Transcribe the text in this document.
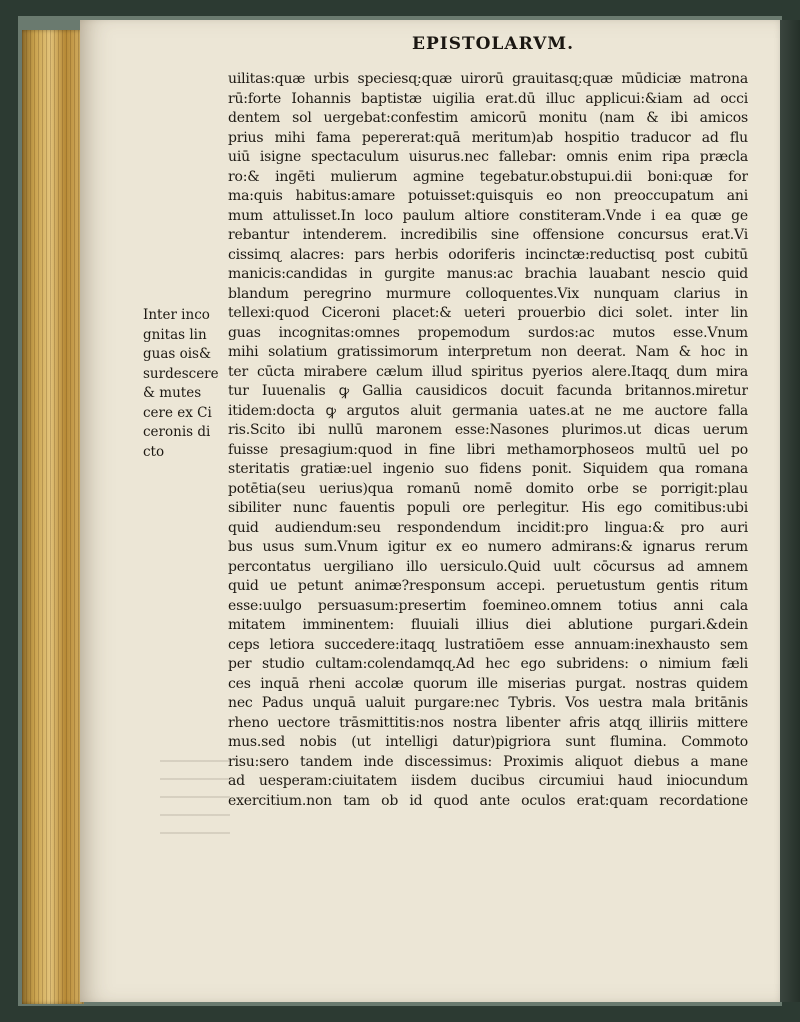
EPISTOLARVM.
Inter inco
gnitas lin
guas ois&
surdescere
& mutes
cere ex Ci
ceronis di
cto
uilitas:quæ urbis speciesɋ:quæ uirorū grauitasɋ:quæ mūdiciæ matrona
rū:forte Iohannis baptistæ uigilia erat.dū illuc applicui:&iam ad occi
dentem sol uergebat:confestim amicorū monitu (nam & ibi amicos
prius mihi fama pepererat:quā meritum)ab hospitio traducor ad flu
uiū isigne spectaculum uisurus.nec fallebar: omnis enim ripa præcla
ro:& ingēti mulierum agmine tegebatur.obstupui.dii boni:quæ for
ma:quis habitus:amare potuisset:quisquis eo non preoccupatum ani
mum attulisset.In loco paulum altiore constiteram.Vnde i ea quæ ge
rebantur intenderem. incredibilis sine offensione concursus erat.Vi
cissimɋ alacres: pars herbis odoriferis incinctæ:reductisɋ post cubitū
manicis:candidas in gurgite manus:ac brachia lauabant nescio quid
blandum peregrino murmure colloquentes.Vix nunquam clarius in
tellexi:quod Ciceroni placet:& ueteri prouerbio dici solet. inter lin
guas incognitas:omnes propemodum surdos:ac mutos esse.Vnum
mihi solatium gratissimorum interpretum non deerat. Nam & hoc in
ter cūcta mirabere cælum illud spiritus pyerios alere.Itaqɋ dum mira
tur Iuuenalis ꝙ Gallia causidicos docuit facunda britannos.miretur
itidem:docta ꝙ argutos aluit germania uates.at ne me auctore falla
ris.Scito ibi nullū maronem esse:Nasones plurimos.ut dicas uerum
fuisse presagium:quod in fine libri methamorphoseos multū uel po
steritatis gratiæ:uel ingenio suo fidens ponit. Siquidem qua romana
potētia(seu uerius)qua romanū nomē domito orbe se porrigit:plau
sibiliter nunc fauentis populi ore perlegitur. His ego comitibus:ubi
quid audiendum:seu respondendum incidit:pro lingua:& pro auri
bus usus sum.Vnum igitur ex eo numero admirans:& ignarus rerum
percontatus uergiliano illo uersiculo.Quid uult cōcursus ad amnem
quid ue petunt animæ?responsum accepi. peruetustum gentis ritum
esse:uulgo persuasum:presertim foemineo.omnem totius anni cala
mitatem imminentem: fluuiali illius diei ablutione purgari.&dein
ceps letiora succedere:itaqɋ lustratiōem esse annuam:inexhausto sem
per studio cultam:colendamqɋ.Ad hec ego subridens: o nimium fæli
ces inquā rheni accolæ quorum ille miserias purgat. nostras quidem
nec Padus unquā ualuit purgare:nec Tybris. Vos uestra mala britānis
rheno uectore trāsmittitis:nos nostra libenter afris atqɋ illiriis mittere
mus.sed nobis (ut intelligi datur)pigriora sunt flumina. Commoto
risu:sero tandem inde discessimus: Proximis aliquot diebus a mane
ad uesperam:ciuitatem iisdem ducibus circumiui haud iniocundum
exercitium.non tam ob id quod ante oculos erat:quam recordatione
